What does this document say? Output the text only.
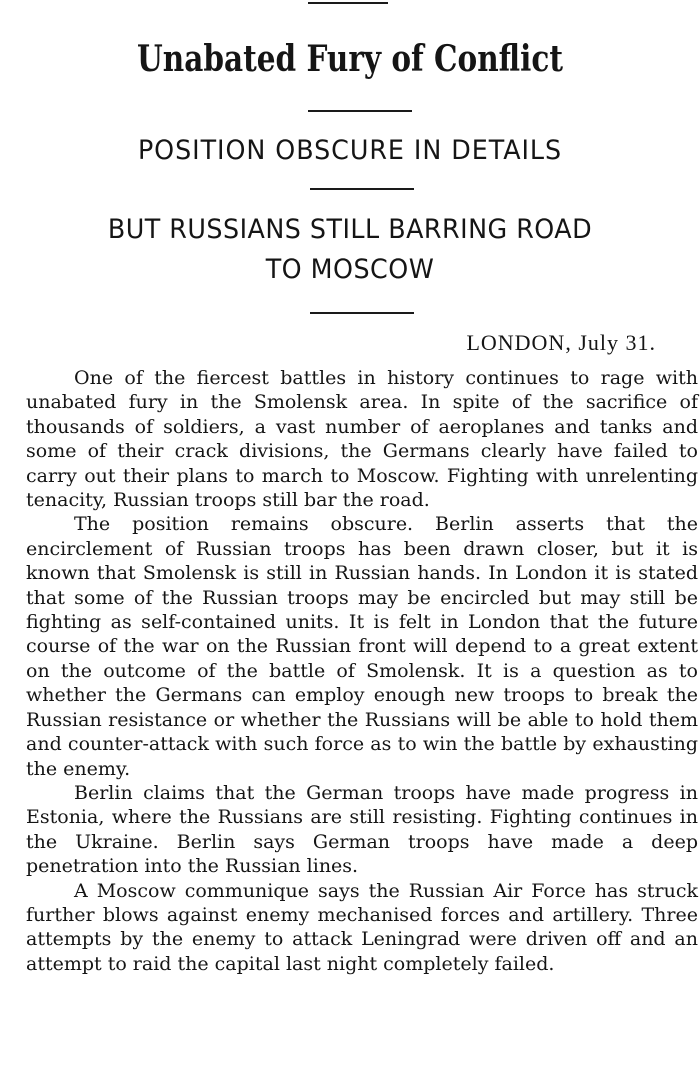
Unabated Fury of Conflict
POSITION OBSCURE IN DETAILS
BUT RUSSIANS STILL BARRING ROAD TO MOSCOW
LONDON, July 31.

One of the fiercest battles in history continues to rage with unabated fury in the Smolensk area. In spite of the sacrifice of thousands of soldiers, a vast number of aeroplanes and tanks and some of their crack divisions, the Germans clearly have failed to carry out their plans to march to Moscow. Fighting with unrelenting tenacity, Russian troops still bar the road.

The position remains obscure. Berlin asserts that the encirclement of Russian troops has been drawn closer, but it is known that Smolensk is still in Russian hands. In London it is stated that some of the Russian troops may be encircled but may still be fighting as self-contained units. It is felt in London that the future course of the war on the Russian front will depend to a great extent on the outcome of the battle of Smolensk. It is a question as to whether the Germans can employ enough new troops to break the Russian resistance or whether the Russians will be able to hold them and counter-attack with such force as to win the battle by exhausting the enemy.

Berlin claims that the German troops have made progress in Estonia, where the Russians are still resisting. Fighting continues in the Ukraine. Berlin says German troops have made a deep penetration into the Russian lines.

A Moscow communique says the Russian Air Force has struck further blows against enemy mechanised forces and artillery. Three attempts by the enemy to attack Leningrad were driven off and an attempt to raid the capital last night completely failed.
